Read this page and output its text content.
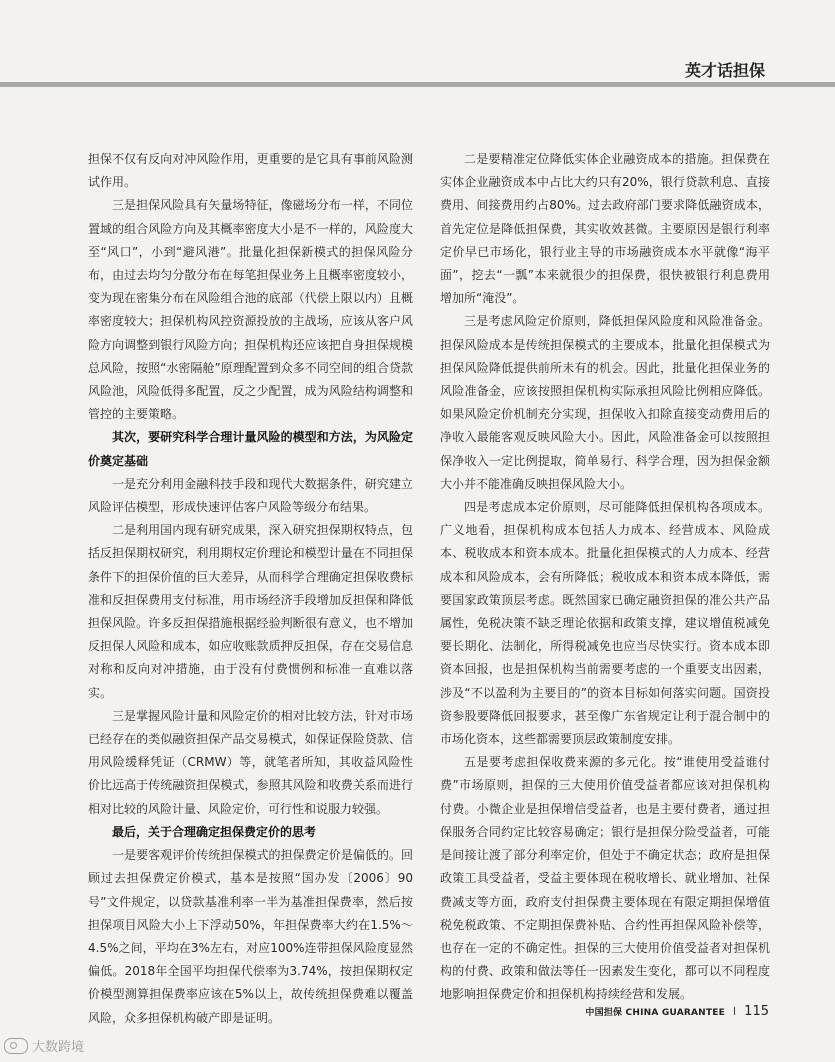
英才话担保

担保不仅有反向对冲风险作用，更重要的是它具有事前风险测试作用。

三是担保风险具有矢量场特征，像磁场分布一样，不同位置域的组合风险方向及其概率密度大小是不一样的，风险度大至“风口”，小到“避风港”。批量化担保新模式的担保风险分布，由过去均匀分散分布在每笔担保业务上且概率密度较小，变为现在密集分布在风险组合池的底部（代偿上限以内）且概率密度较大；担保机构风控资源投放的主战场，应该从客户风险方向调整到银行风险方向；担保机构还应该把自身担保规模总风险，按照“水密隔舱”原理配置到众多不同空间的组合贷款风险池，风险低得多配置，反之少配置，成为风险结构调整和管控的主要策略。

其次，要研究科学合理计量风险的模型和方法，为风险定价奠定基础

一是充分利用金融科技手段和现代大数据条件，研究建立风险评估模型，形成快速评估客户风险等级分布结果。

二是利用国内现有研究成果，深入研究担保期权特点，包括反担保期权研究，利用期权定价理论和模型计量在不同担保条件下的担保价值的巨大差异，从而科学合理确定担保收费标准和反担保费用支付标准，用市场经济手段增加反担保和降低担保风险。许多反担保措施根据经验判断很有意义，也不增加反担保人风险和成本，如应收账款质押反担保，存在交易信息对称和反向对冲措施，由于没有付费惯例和标准一直难以落实。

三是掌握风险计量和风险定价的相对比较方法，针对市场已经存在的类似融资担保产品交易模式，如保证保险贷款、信用风险缓释凭证（CRMW）等，就笔者所知，其收益风险性价比远高于传统融资担保模式，参照其风险和收费关系而进行相对比较的风险计量、风险定价，可行性和说服力较强。

最后，关于合理确定担保费定价的思考

一是要客观评价传统担保模式的担保费定价是偏低的。回顾过去担保费定价模式，基本是按照“国办发〔2006〕90号”文件规定，以贷款基准利率一半为基准担保费率，然后按担保项目风险大小上下浮动50%，年担保费率大约在1.5%～4.5%之间，平均在3%左右，对应100%连带担保风险度显然偏低。2018年全国平均担保代偿率为3.74%，按担保期权定价模型测算担保费率应该在5%以上，故传统担保费难以覆盖风险，众多担保机构破产即是证明。

二是要精准定位降低实体企业融资成本的措施。担保费在实体企业融资成本中占比大约只有20%，银行贷款利息、直接费用、间接费用约占80%。过去政府部门要求降低融资成本，首先定位是降低担保费，其实收效甚微。主要原因是银行利率定价早已市场化，银行业主导的市场融资成本水平就像“海平面”，挖去“一瓢”本来就很少的担保费，很快被银行利息费用增加所“淹没”。

三是考虑风险定价原则，降低担保风险度和风险准备金。担保风险成本是传统担保模式的主要成本，批量化担保模式为担保风险降低提供前所未有的机会。因此，批量化担保业务的风险准备金，应该按照担保机构实际承担风险比例相应降低。如果风险定价机制充分实现，担保收入扣除直接变动费用后的净收入最能客观反映风险大小。因此，风险准备金可以按照担保净收入一定比例提取，简单易行、科学合理，因为担保金额大小并不能准确反映担保风险大小。

四是考虑成本定价原则，尽可能降低担保机构各项成本。广义地看，担保机构成本包括人力成本、经营成本、风险成本、税收成本和资本成本。批量化担保模式的人力成本、经营成本和风险成本，会有所降低；税收成本和资本成本降低，需要国家政策顶层考虑。既然国家已确定融资担保的准公共产品属性，免税决策不缺乏理论依据和政策支撑，建议增值税减免要长期化、法制化，所得税减免也应当尽快实行。资本成本即资本回报，也是担保机构当前需要考虑的一个重要支出因素，涉及“不以盈利为主要目的”的资本目标如何落实问题。国资投资参股要降低回报要求，甚至像广东省规定让利于混合制中的市场化资本，这些都需要顶层政策制度安排。

五是要考虑担保收费来源的多元化。按“谁使用受益谁付费”市场原则，担保的三大使用价值受益者都应该对担保机构付费。小微企业是担保增信受益者，也是主要付费者，通过担保服务合同约定比较容易确定；银行是担保分险受益者，可能是间接让渡了部分利率定价，但处于不确定状态；政府是担保政策工具受益者，受益主要体现在税收增长、就业增加、社保费减支等方面，政府支付担保费主要体现在有限定期担保增值税免税政策、不定期担保费补贴、合约性再担保风险补偿等，也存在一定的不确定性。担保的三大使用价值受益者对担保机构的付费、政策和做法等任一因素发生变化，都可以不同程度地影响担保费定价和担保机构持续经营和发展。

中国担保 CHINA GUARANTEE I 115
大数跨境
